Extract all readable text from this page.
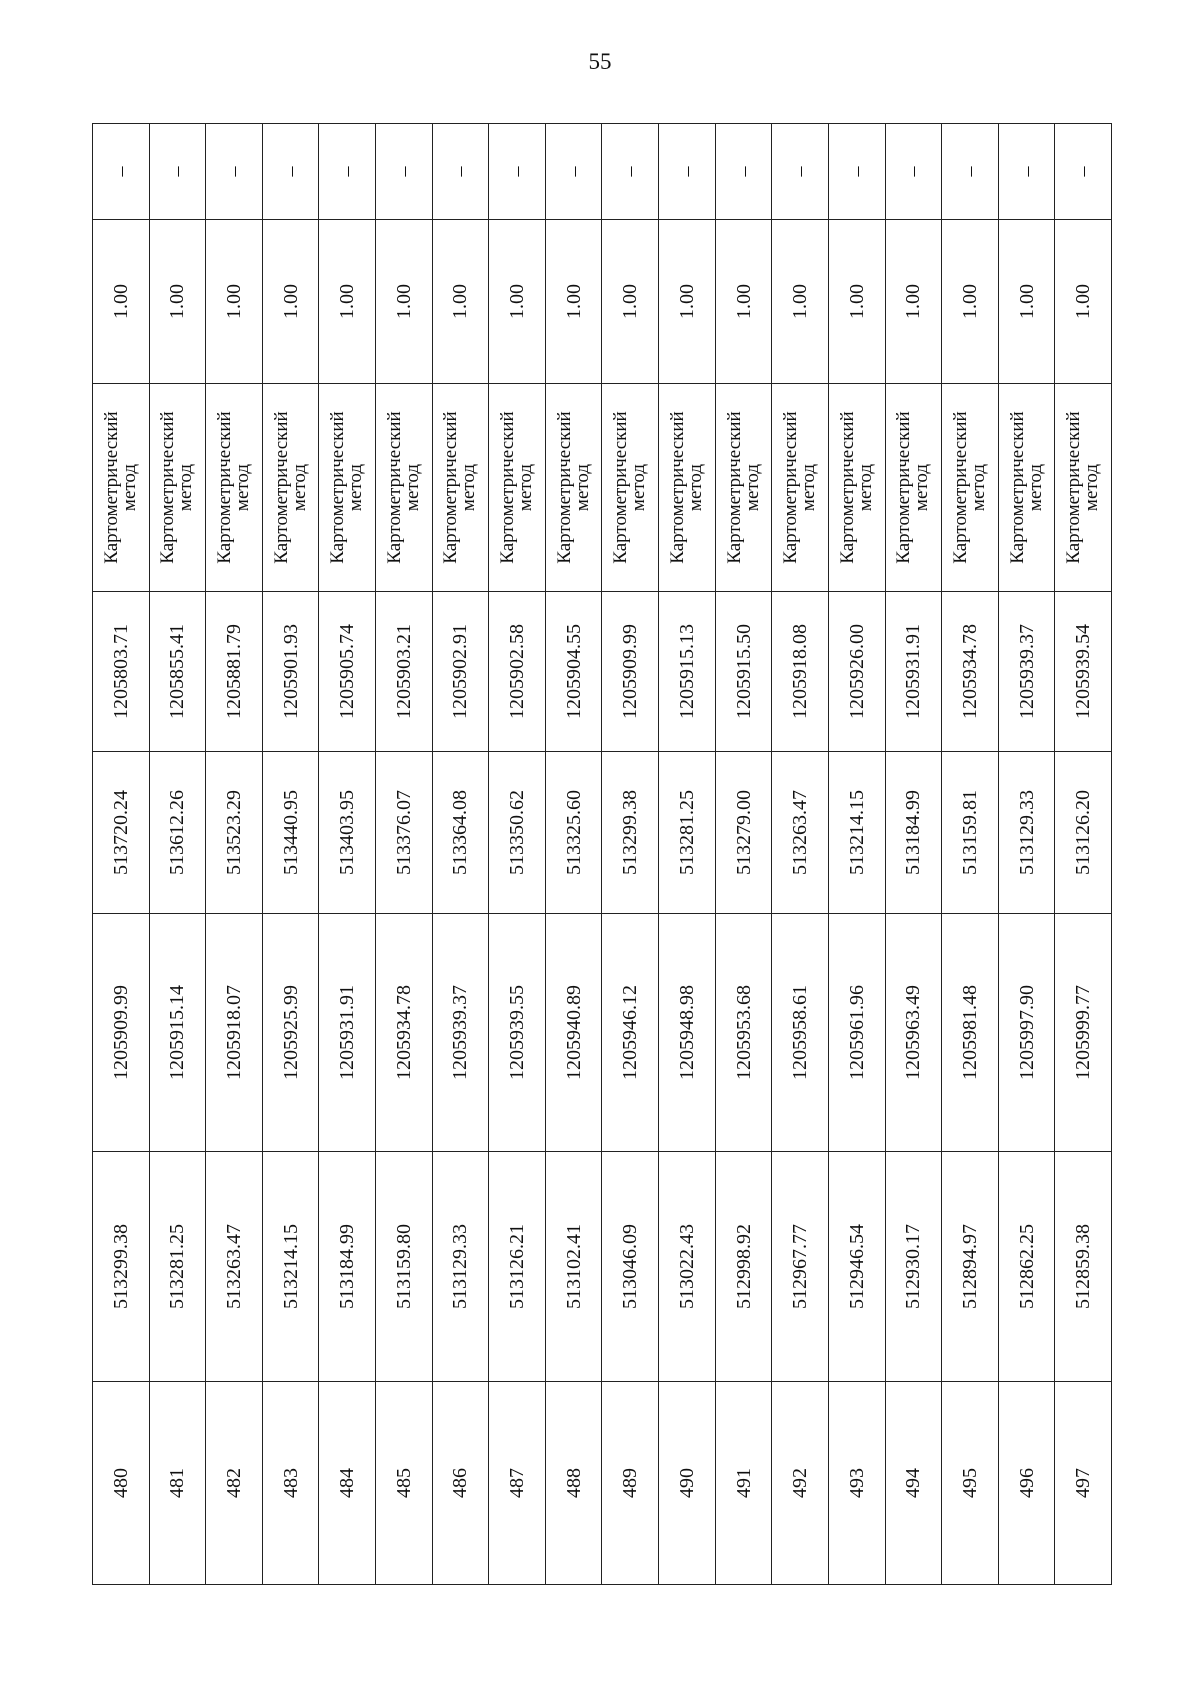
55
480	513299.38	1205909.99	513720.24	1205803.71	Картометрический
метод	1.00	–
481	513281.25	1205915.14	513612.26	1205855.41	Картометрический
метод	1.00	–
482	513263.47	1205918.07	513523.29	1205881.79	Картометрический
метод	1.00	–
483	513214.15	1205925.99	513440.95	1205901.93	Картометрический
метод	1.00	–
484	513184.99	1205931.91	513403.95	1205905.74	Картометрический
метод	1.00	–
485	513159.80	1205934.78	513376.07	1205903.21	Картометрический
метод	1.00	–
486	513129.33	1205939.37	513364.08	1205902.91	Картометрический
метод	1.00	–
487	513126.21	1205939.55	513350.62	1205902.58	Картометрический
метод	1.00	–
488	513102.41	1205940.89	513325.60	1205904.55	Картометрический
метод	1.00	–
489	513046.09	1205946.12	513299.38	1205909.99	Картометрический
метод	1.00	–
490	513022.43	1205948.98	513281.25	1205915.13	Картометрический
метод	1.00	–
491	512998.92	1205953.68	513279.00	1205915.50	Картометрический
метод	1.00	–
492	512967.77	1205958.61	513263.47	1205918.08	Картометрический
метод	1.00	–
493	512946.54	1205961.96	513214.15	1205926.00	Картометрический
метод	1.00	–
494	512930.17	1205963.49	513184.99	1205931.91	Картометрический
метод	1.00	–
495	512894.97	1205981.48	513159.81	1205934.78	Картометрический
метод	1.00	–
496	512862.25	1205997.90	513129.33	1205939.37	Картометрический
метод	1.00	–
497	512859.38	1205999.77	513126.20	1205939.54	Картометрический
метод	1.00	–
